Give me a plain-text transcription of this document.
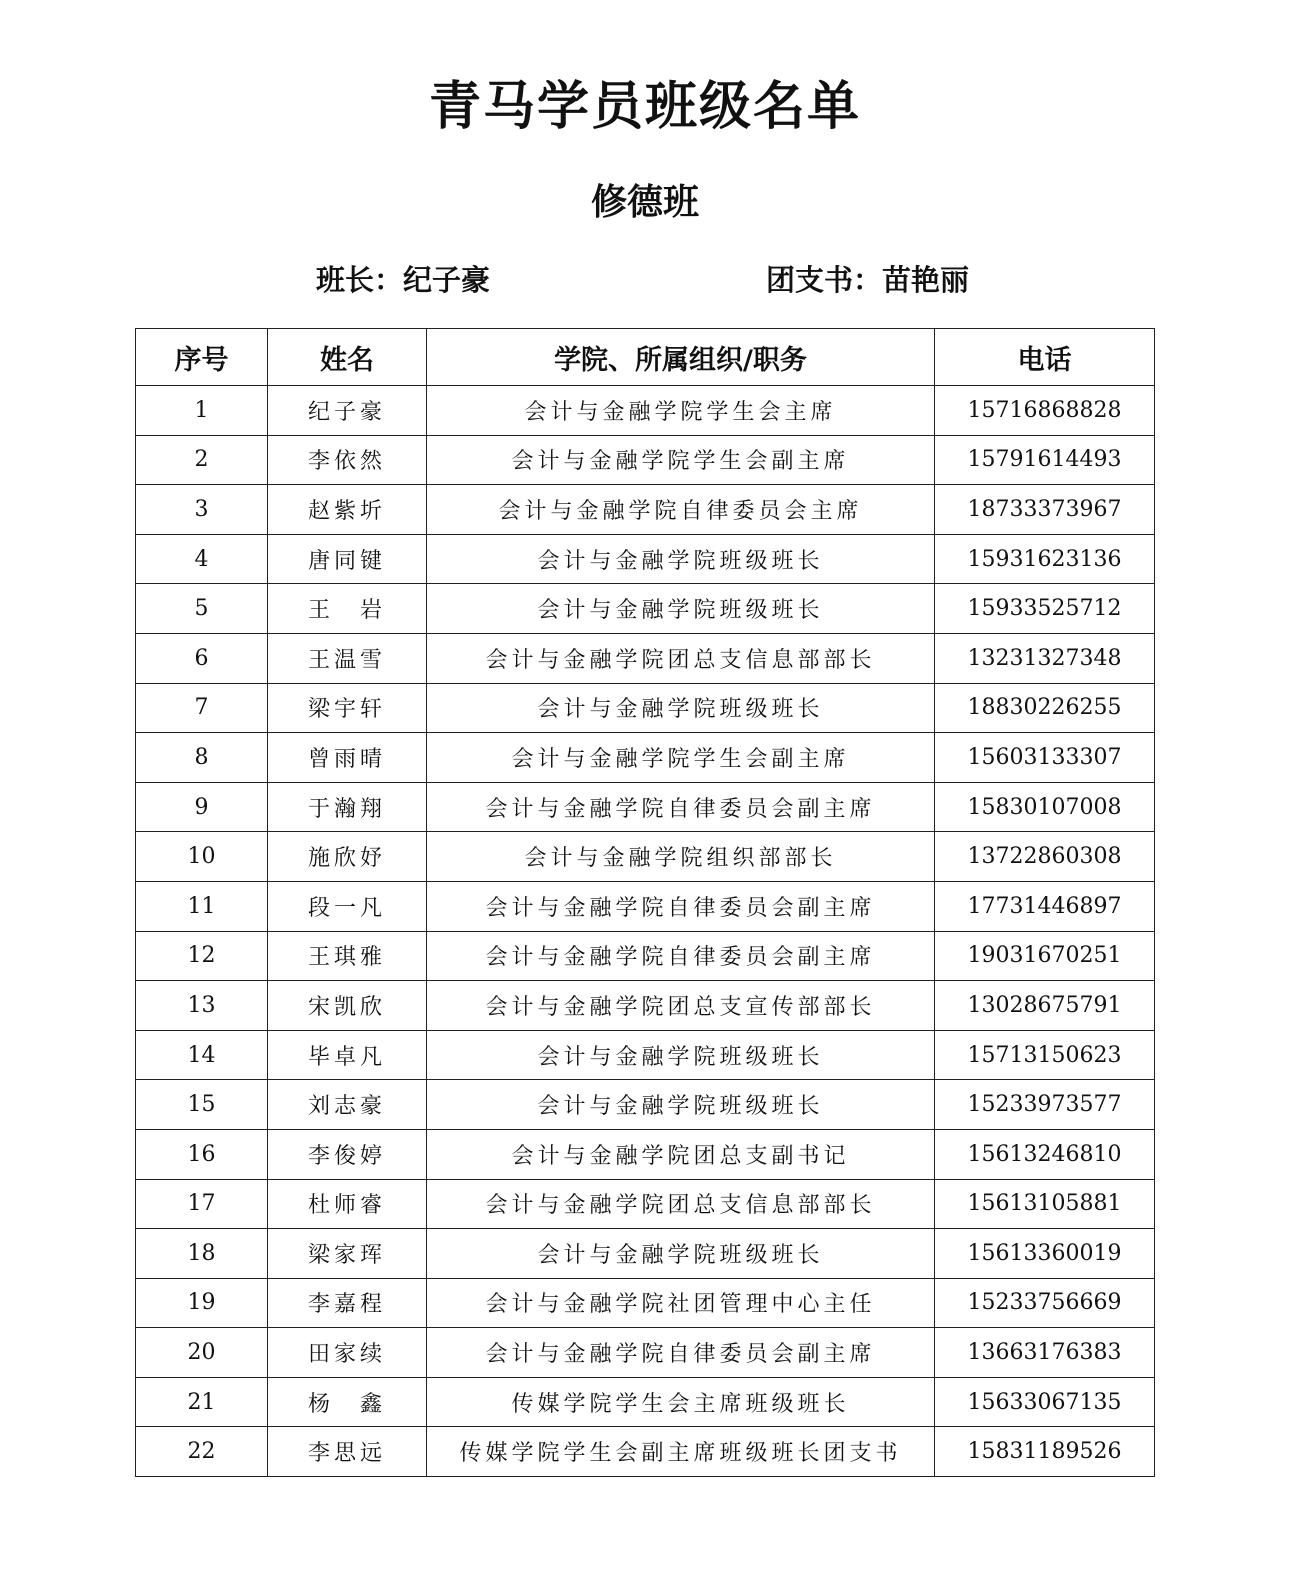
青马学员班级名单
修德班
班长：纪子豪	团支书：苗艳丽
序号	姓名	学院、所属组织/职务	电话
1	纪子豪	会计与金融学院学生会主席	15716868828
2	李依然	会计与金融学院学生会副主席	15791614493
3	赵紫圻	会计与金融学院自律委员会主席	18733373967
4	唐同键	会计与金融学院班级班长	15931623136
5	王　岩	会计与金融学院班级班长	15933525712
6	王温雪	会计与金融学院团总支信息部部长	13231327348
7	梁宇轩	会计与金融学院班级班长	18830226255
8	曾雨晴	会计与金融学院学生会副主席	15603133307
9	于瀚翔	会计与金融学院自律委员会副主席	15830107008
10	施欣妤	会计与金融学院组织部部长	13722860308
11	段一凡	会计与金融学院自律委员会副主席	17731446897
12	王琪雅	会计与金融学院自律委员会副主席	19031670251
13	宋凯欣	会计与金融学院团总支宣传部部长	13028675791
14	毕卓凡	会计与金融学院班级班长	15713150623
15	刘志豪	会计与金融学院班级班长	15233973577
16	李俊婷	会计与金融学院团总支副书记	15613246810
17	杜师睿	会计与金融学院团总支信息部部长	15613105881
18	梁家珲	会计与金融学院班级班长	15613360019
19	李嘉程	会计与金融学院社团管理中心主任	15233756669
20	田家续	会计与金融学院自律委员会副主席	13663176383
21	杨　鑫	传媒学院学生会主席班级班长	15633067135
22	李思远	传媒学院学生会副主席班级班长团支书	15831189526
